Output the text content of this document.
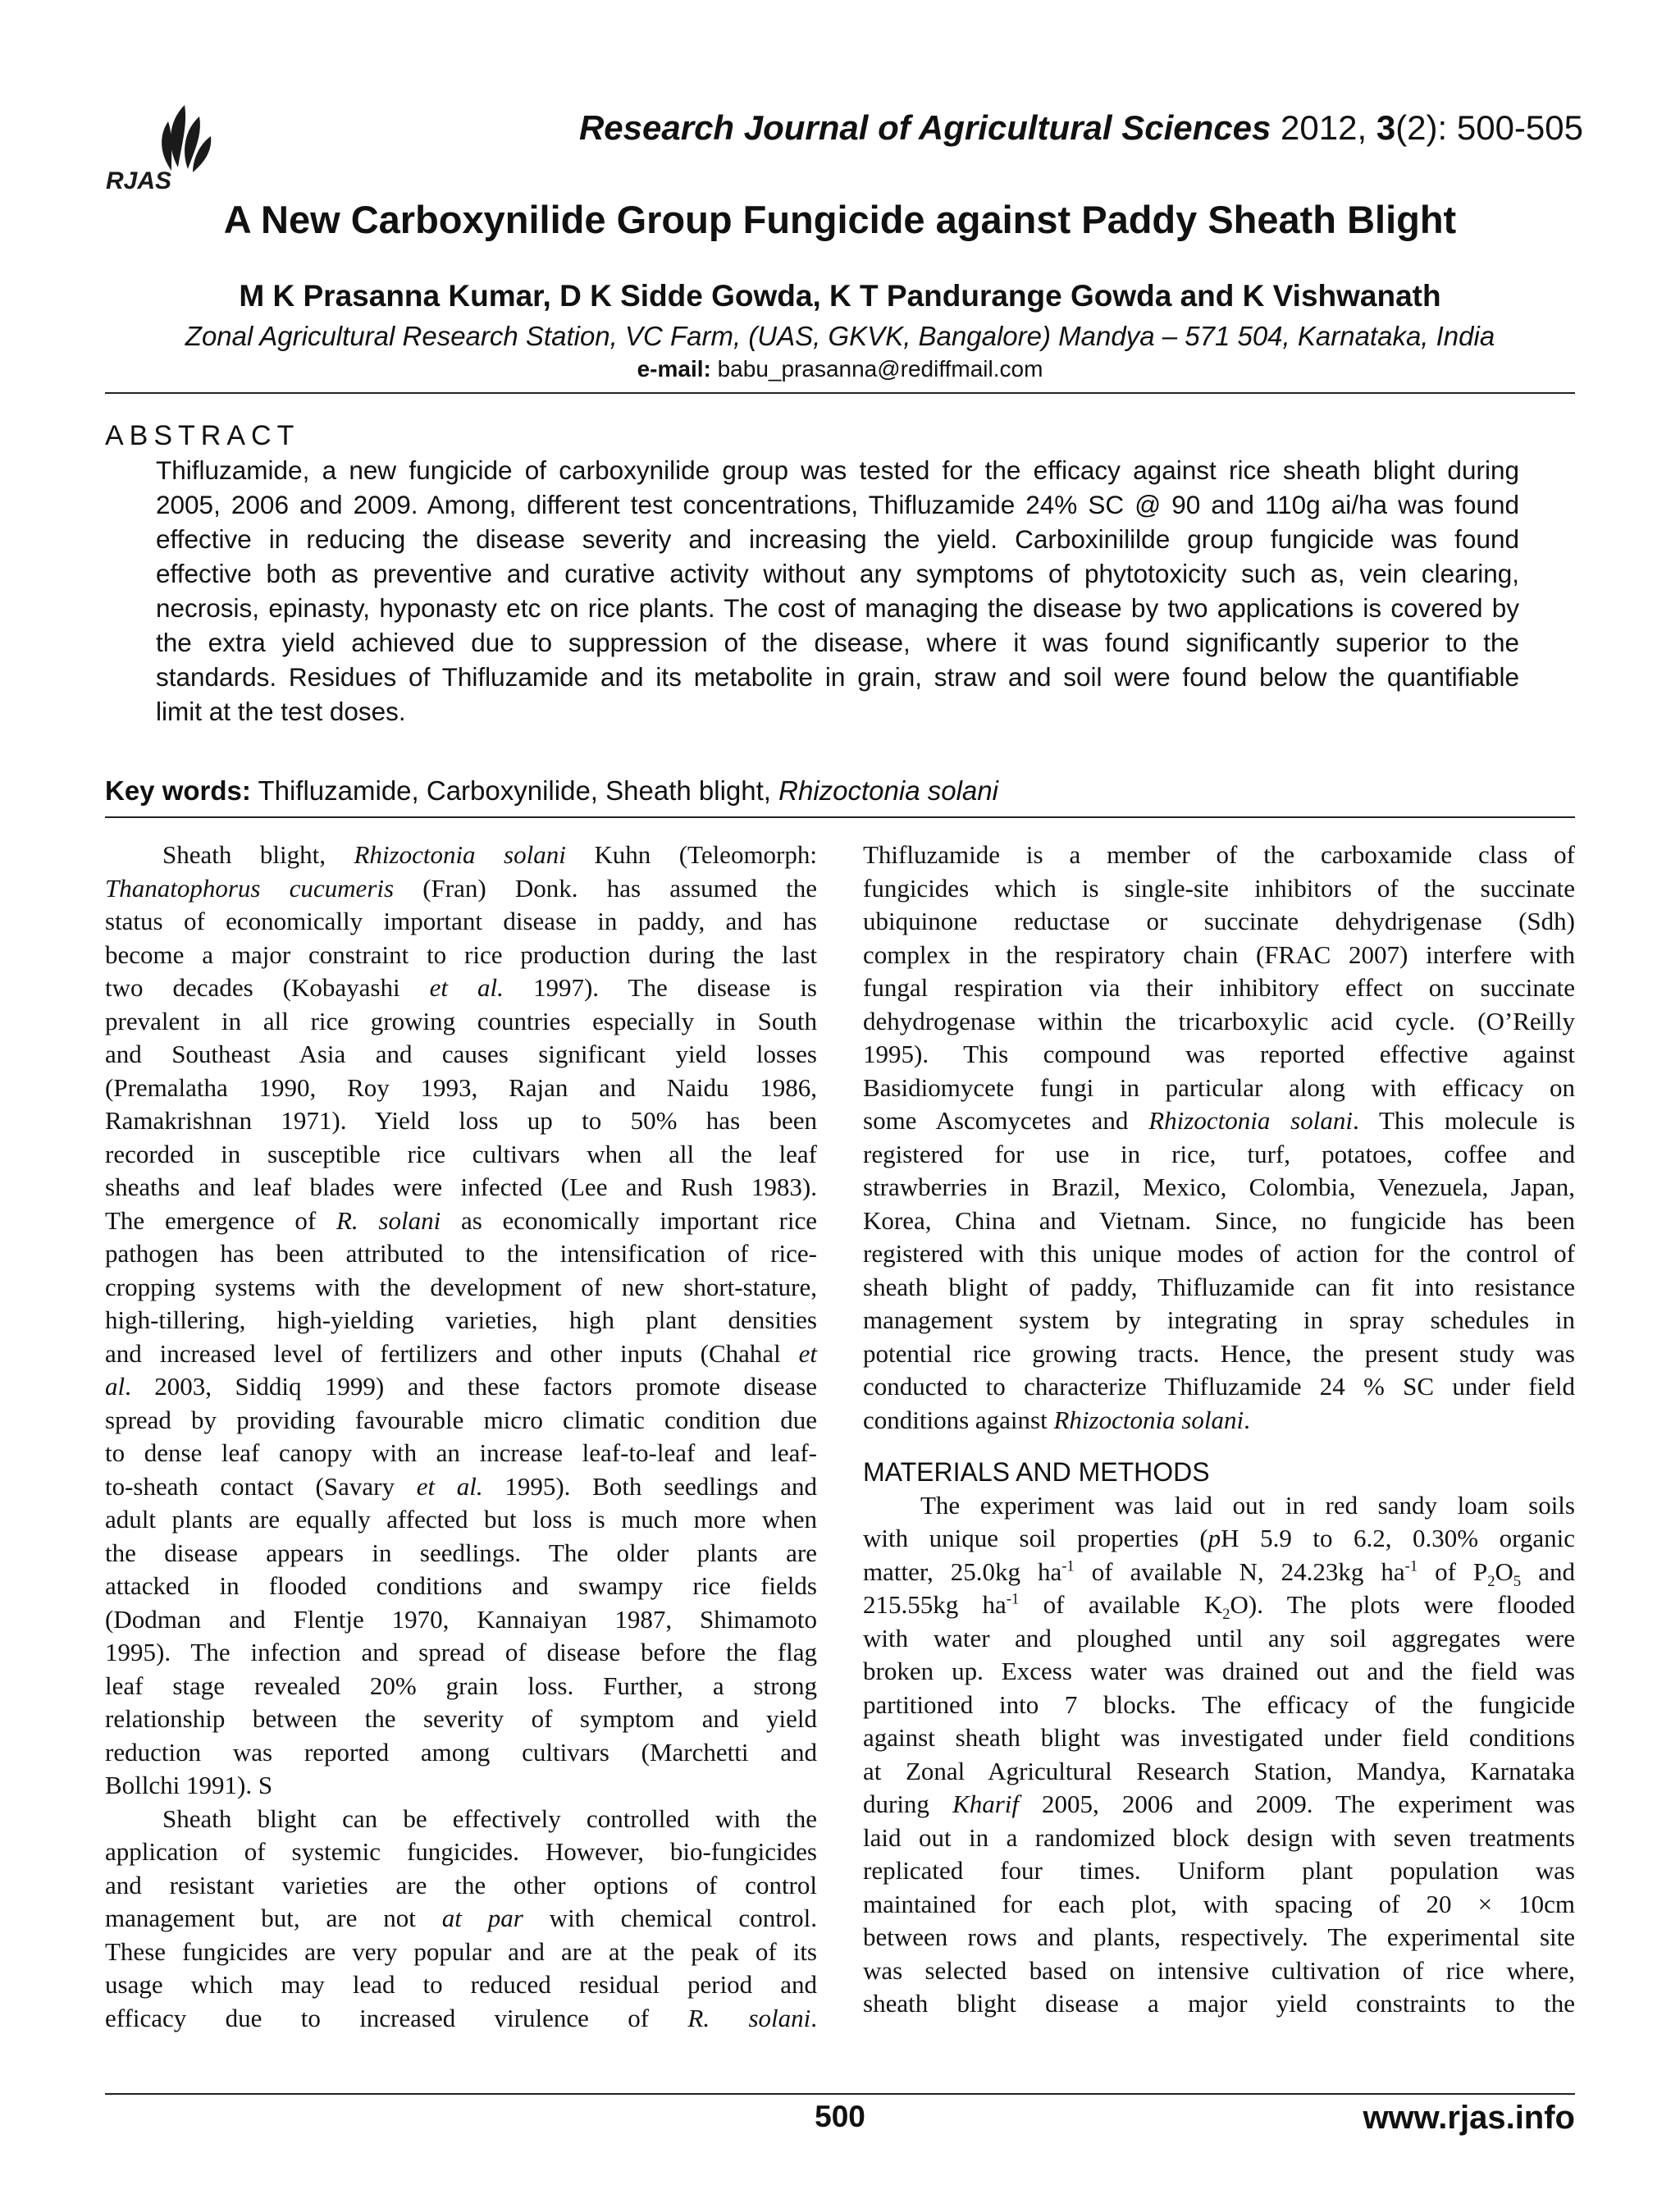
RJAS
Research Journal of Agricultural Sciences 2012, 3(2): 500-505
A New Carboxynilide Group Fungicide against Paddy Sheath Blight
M K Prasanna Kumar, D K Sidde Gowda, K T Pandurange Gowda and K Vishwanath
Zonal Agricultural Research Station, VC Farm, (UAS, GKVK, Bangalore) Mandya – 571 504, Karnataka, India
e-mail: babu_prasanna@rediffmail.com
ABSTRACT
Thifluzamide, a new fungicide of carboxynilide group was tested for the efficacy against rice sheath blight during
2005, 2006 and 2009. Among, different test concentrations, Thifluzamide 24% SC @ 90 and 110g ai/ha was found
effective in reducing the disease severity and increasing the yield. Carboxinililde group fungicide was found
effective both as preventive and curative activity without any symptoms of phytotoxicity such as, vein clearing,
necrosis, epinasty, hyponasty etc on rice plants. The cost of managing the disease by two applications is covered by
the extra yield achieved due to suppression of the disease, where it was found significantly superior to the
standards. Residues of Thifluzamide and its metabolite in grain, straw and soil were found below the quantifiable
limit at the test doses.
Key words: Thifluzamide, Carboxynilide, Sheath blight, Rhizoctonia solani
Sheath blight, Rhizoctonia solani Kuhn (Teleomorph:
Thanatophorus cucumeris (Fran) Donk. has assumed the
status of economically important disease in paddy, and has
become a major constraint to rice production during the last
two decades (Kobayashi et al. 1997). The disease is
prevalent in all rice growing countries especially in South
and Southeast Asia and causes significant yield losses
(Premalatha 1990, Roy 1993, Rajan and Naidu 1986,
Ramakrishnan 1971). Yield loss up to 50% has been
recorded in susceptible rice cultivars when all the leaf
sheaths and leaf blades were infected (Lee and Rush 1983).
The emergence of R. solani as economically important rice
pathogen has been attributed to the intensification of rice-
cropping systems with the development of new short-stature,
high-tillering, high-yielding varieties, high plant densities
and increased level of fertilizers and other inputs (Chahal et
al. 2003, Siddiq 1999) and these factors promote disease
spread by providing favourable micro climatic condition due
to dense leaf canopy with an increase leaf-to-leaf and leaf-
to-sheath contact (Savary et al. 1995). Both seedlings and
adult plants are equally affected but loss is much more when
the disease appears in seedlings. The older plants are
attacked in flooded conditions and swampy rice fields
(Dodman and Flentje 1970, Kannaiyan 1987, Shimamoto
1995). The infection and spread of disease before the flag
leaf stage revealed 20% grain loss. Further, a strong
relationship between the severity of symptom and yield
reduction was reported among cultivars (Marchetti and
Bollchi 1991). S
Sheath blight can be effectively controlled with the
application of systemic fungicides. However, bio-fungicides
and resistant varieties are the other options of control
management but, are not at par with chemical control.
These fungicides are very popular and are at the peak of its
usage which may lead to reduced residual period and
efficacy due to increased virulence of R. solani.
Thifluzamide is a member of the carboxamide class of
fungicides which is single-site inhibitors of the succinate
ubiquinone reductase or succinate dehydrigenase (Sdh)
complex in the respiratory chain (FRAC 2007) interfere with
fungal respiration via their inhibitory effect on succinate
dehydrogenase within the tricarboxylic acid cycle. (O’Reilly
1995). This compound was reported effective against
Basidiomycete fungi in particular along with efficacy on
some Ascomycetes and Rhizoctonia solani. This molecule is
registered for use in rice, turf, potatoes, coffee and
strawberries in Brazil, Mexico, Colombia, Venezuela, Japan,
Korea, China and Vietnam. Since, no fungicide has been
registered with this unique modes of action for the control of
sheath blight of paddy, Thifluzamide can fit into resistance
management system by integrating in spray schedules in
potential rice growing tracts. Hence, the present study was
conducted to characterize Thifluzamide 24 % SC under field
conditions against Rhizoctonia solani.
MATERIALS AND METHODS
The experiment was laid out in red sandy loam soils
with unique soil properties (pH 5.9 to 6.2, 0.30% organic
matter, 25.0kg $ha^{-1}$ of available N, 24.23kg $ha^{-1}$ of $P_2O_5$ and
215.55kg $ha^{-1}$ of available $K_2O$). The plots were flooded
with water and ploughed until any soil aggregates were
broken up. Excess water was drained out and the field was
partitioned into 7 blocks. The efficacy of the fungicide
against sheath blight was investigated under field conditions
at Zonal Agricultural Research Station, Mandya, Karnataka
during Kharif 2005, 2006 and 2009. The experiment was
laid out in a randomized block design with seven treatments
replicated four times. Uniform plant population was
maintained for each plot, with spacing of 20 × 10cm
between rows and plants, respectively. The experimental site
was selected based on intensive cultivation of rice where,
sheath blight disease a major yield constraints to the
500	www.rjas.info
